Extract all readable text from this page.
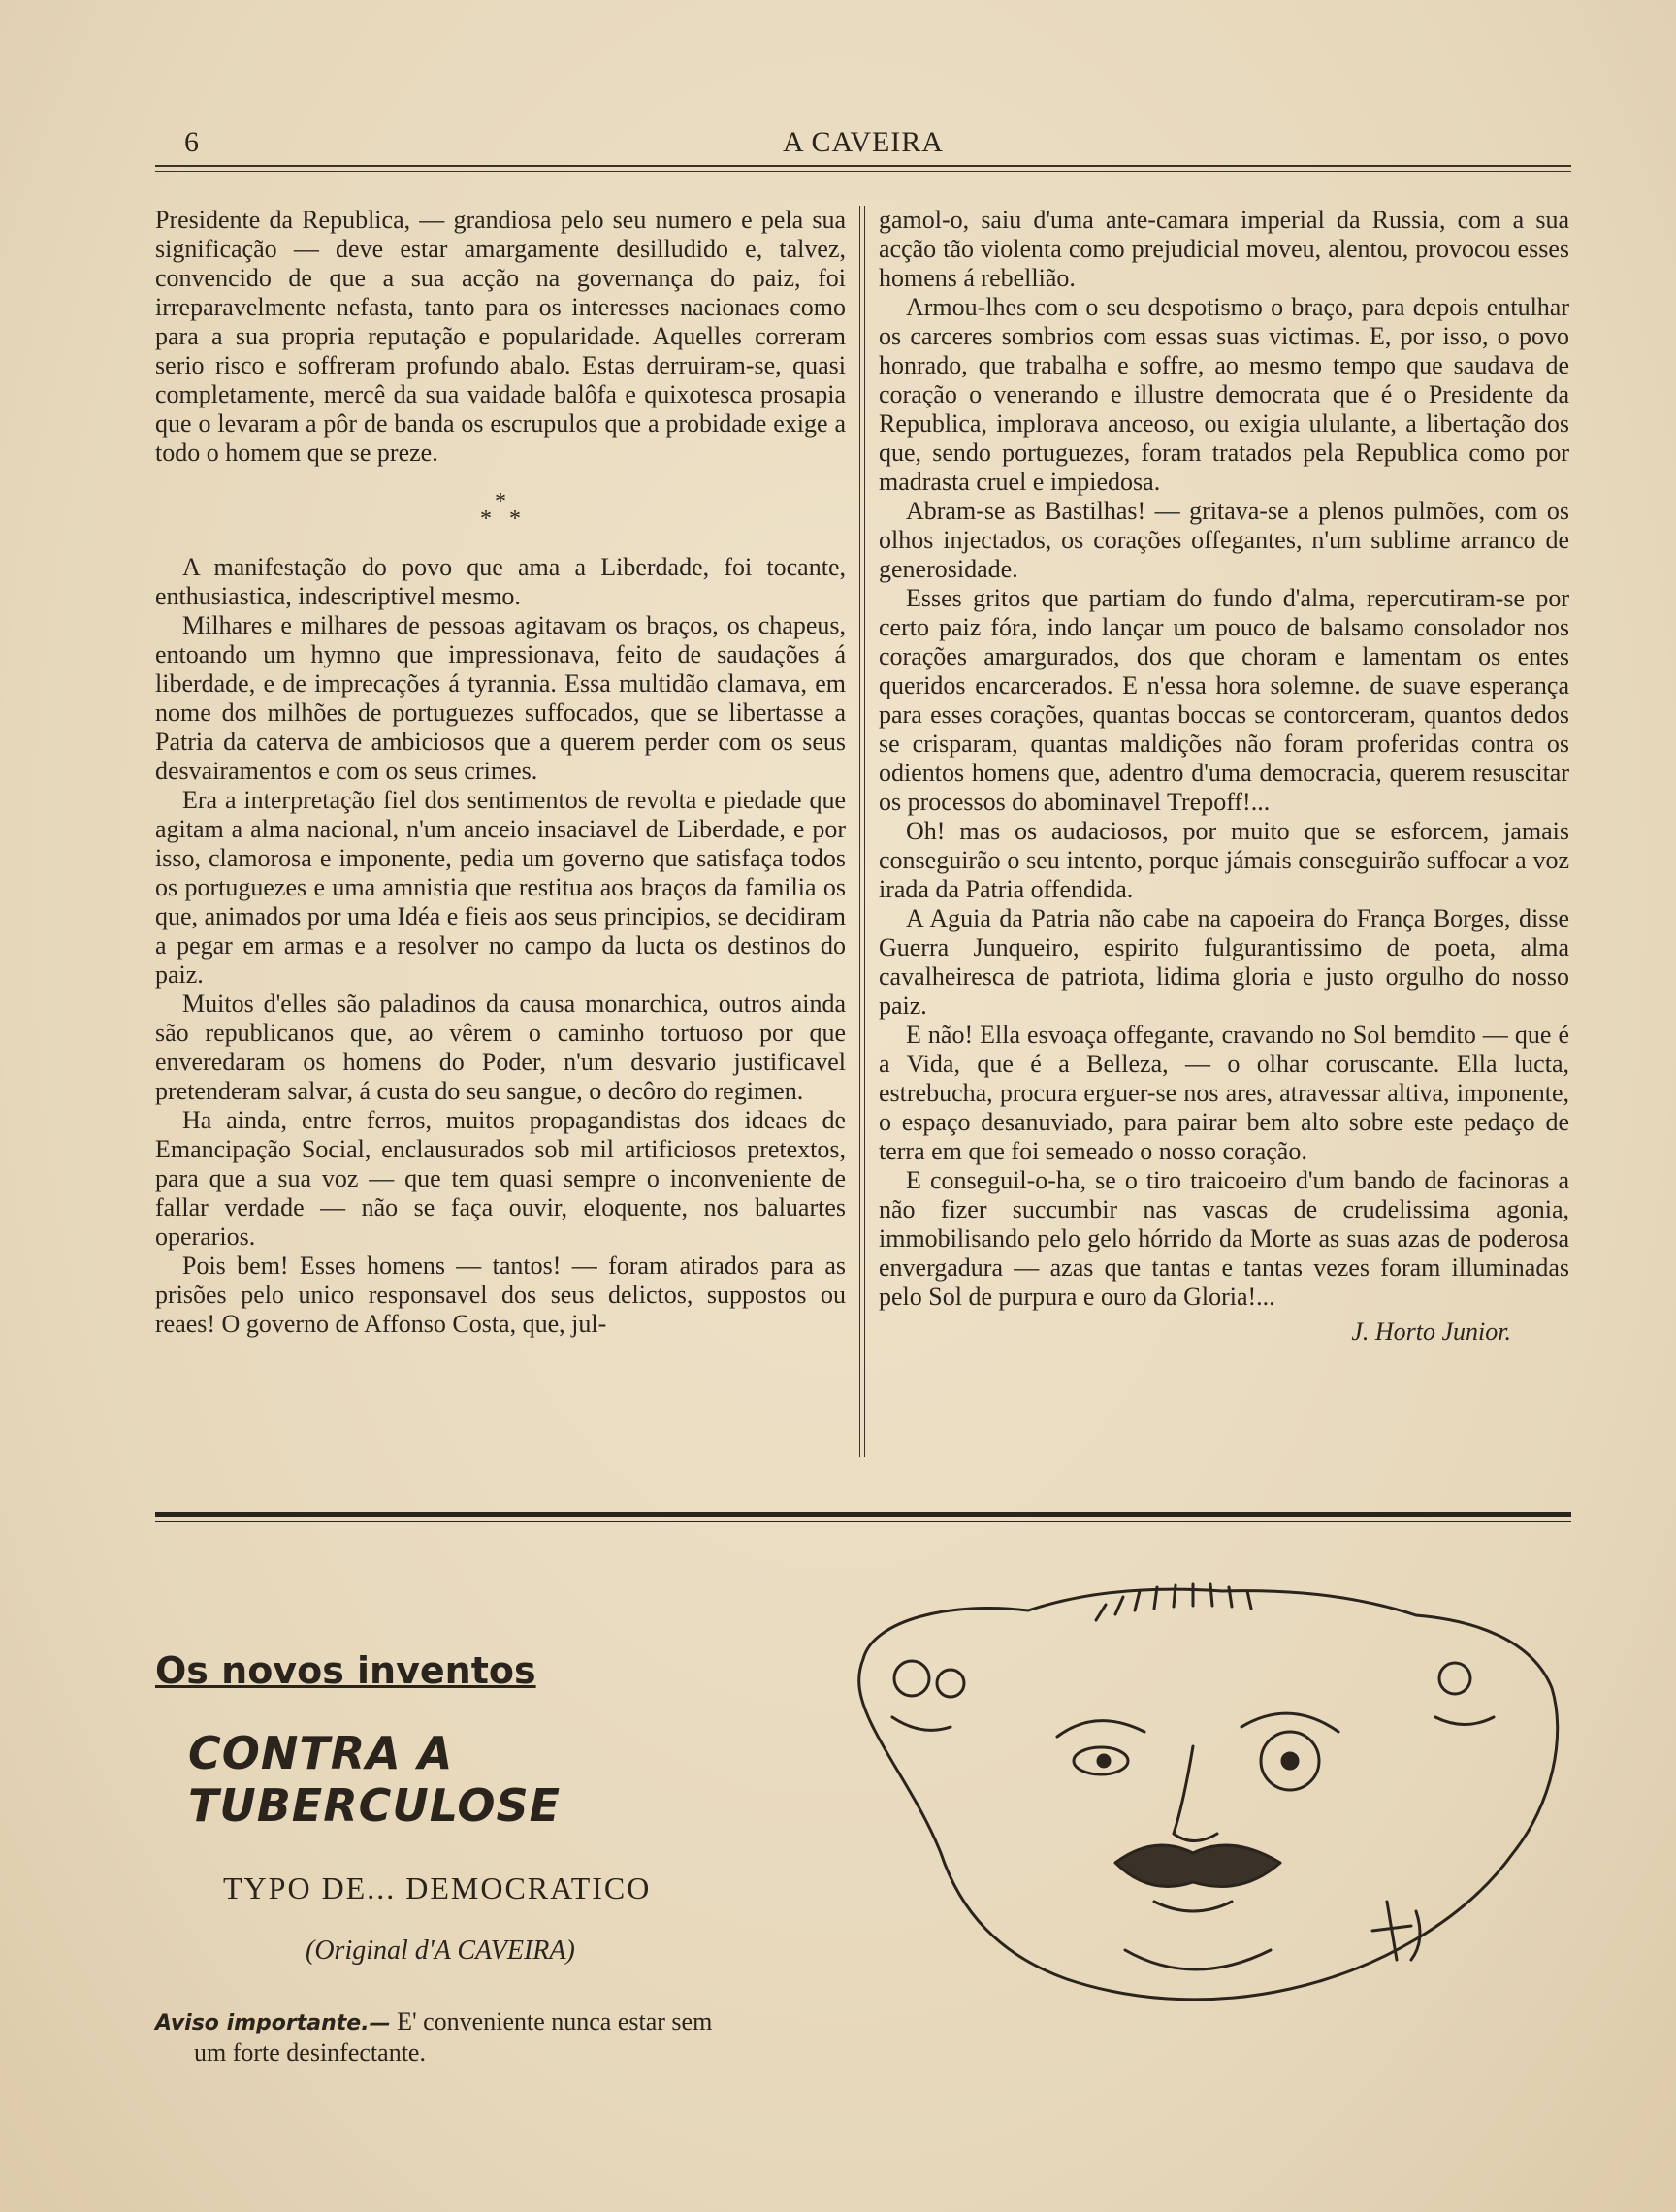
6	A CAVEIRA

Presidente da Republica, — grandiosa pelo seu numero e pela sua significação — deve estar amargamente desilludido e, talvez, convencido de que a sua acção na governança do paiz, foi irreparavelmente nefasta, tanto para os interesses nacionaes como para a sua propria reputação e popularidade. Aquelles correram serio risco e soffreram profundo abalo. Estas derruiram-se, quasi completamente, mercê da sua vaidade balôfa e quixotesca prosapia que o levaram a pôr de banda os escrupulos que a probidade exige a todo o homem que se preze.

*
* *

A manifestação do povo que ama a Liberdade, foi tocante, enthusiastica, indescriptivel mesmo.

Milhares e milhares de pessoas agitavam os braços, os chapeus, entoando um hymno que impressionava, feito de saudações á liberdade, e de imprecações á tyrannia. Essa multidão clamava, em nome dos milhões de portuguezes suffocados, que se libertasse a Patria da caterva de ambiciosos que a querem perder com os seus desvairamentos e com os seus crimes.

Era a interpretação fiel dos sentimentos de revolta e piedade que agitam a alma nacional, n'um anceio insaciavel de Liberdade, e por isso, clamorosa e imponente, pedia um governo que satisfaça todos os portuguezes e uma amnistia que restitua aos braços da familia os que, animados por uma Idéa e fieis aos seus principios, se decidiram a pegar em armas e a resolver no campo da lucta os destinos do paiz.

Muitos d'elles são paladinos da causa monarchica, outros ainda são republicanos que, ao vêrem o caminho tortuoso por que enveredaram os homens do Poder, n'um desvario justificavel pretenderam salvar, á custa do seu sangue, o decôro do regimen.

Ha ainda, entre ferros, muitos propagandistas dos ideaes de Emancipação Social, enclausurados sob mil artificiosos pretextos, para que a sua voz — que tem quasi sempre o inconveniente de fallar verdade — não se faça ouvir, eloquente, nos baluartes operarios.

Pois bem! Esses homens — tantos! — foram atirados para as prisões pelo unico responsavel dos seus delictos, suppostos ou reaes! O governo de Affonso Costa, que, jul-

gamol-o, saiu d'uma ante-camara imperial da Russia, com a sua acção tão violenta como prejudicial moveu, alentou, provocou esses homens á rebellião.

Armou-lhes com o seu despotismo o braço, para depois entulhar os carceres sombrios com essas suas victimas. E, por isso, o povo honrado, que trabalha e soffre, ao mesmo tempo que saudava de coração o venerando e illustre democrata que é o Presidente da Republica, implorava anceoso, ou exigia ululante, a libertação dos que, sendo portuguezes, foram tratados pela Republica como por madrasta cruel e impiedosa.

Abram-se as Bastilhas! — gritava-se a plenos pulmões, com os olhos injectados, os corações offegantes, n'um sublime arranco de generosidade.

Esses gritos que partiam do fundo d'alma, repercutiram-se por certo paiz fóra, indo lançar um pouco de balsamo consolador nos corações amargurados, dos que choram e lamentam os entes queridos encarcerados. E n'essa hora solemne. de suave esperança para esses corações, quantas boccas se contorceram, quantos dedos se crisparam, quantas maldições não foram proferidas contra os odientos homens que, adentro d'uma democracia, querem resuscitar os processos do abominavel Trepoff!...

Oh! mas os audaciosos, por muito que se esforcem, jamais conseguirão o seu intento, porque jámais conseguirão suffocar a voz irada da Patria offendida.

A Aguia da Patria não cabe na capoeira do França Borges, disse Guerra Junqueiro, espirito fulgurantissimo de poeta, alma cavalheiresca de patriota, lidima gloria e justo orgulho do nosso paiz.

E não! Ella esvoaça offegante, cravando no Sol bemdito — que é a Vida, que é a Belleza, — o olhar coruscante. Ella lucta, estrebucha, procura erguer-se nos ares, atravessar altiva, imponente, o espaço desanuviado, para pairar bem alto sobre este pedaço de terra em que foi semeado o nosso coração.

E conseguil-o-ha, se o tiro traicoeiro d'um bando de facinoras a não fizer succumbir nas vascas de crudelissima agonia, immobilisando pelo gelo hórrido da Morte as suas azas de poderosa envergadura — azas que tantas e tantas vezes foram illuminadas pelo Sol de purpura e ouro da Gloria!...

J. Horto Junior.
Os novos inventos
CONTRA A TUBERCULOSE
TYPO DE... DEMOCRATICO
(Original d'A CAVEIRA)
Aviso importante.— E' conveniente nunca estar sem
um forte desinfectante.
